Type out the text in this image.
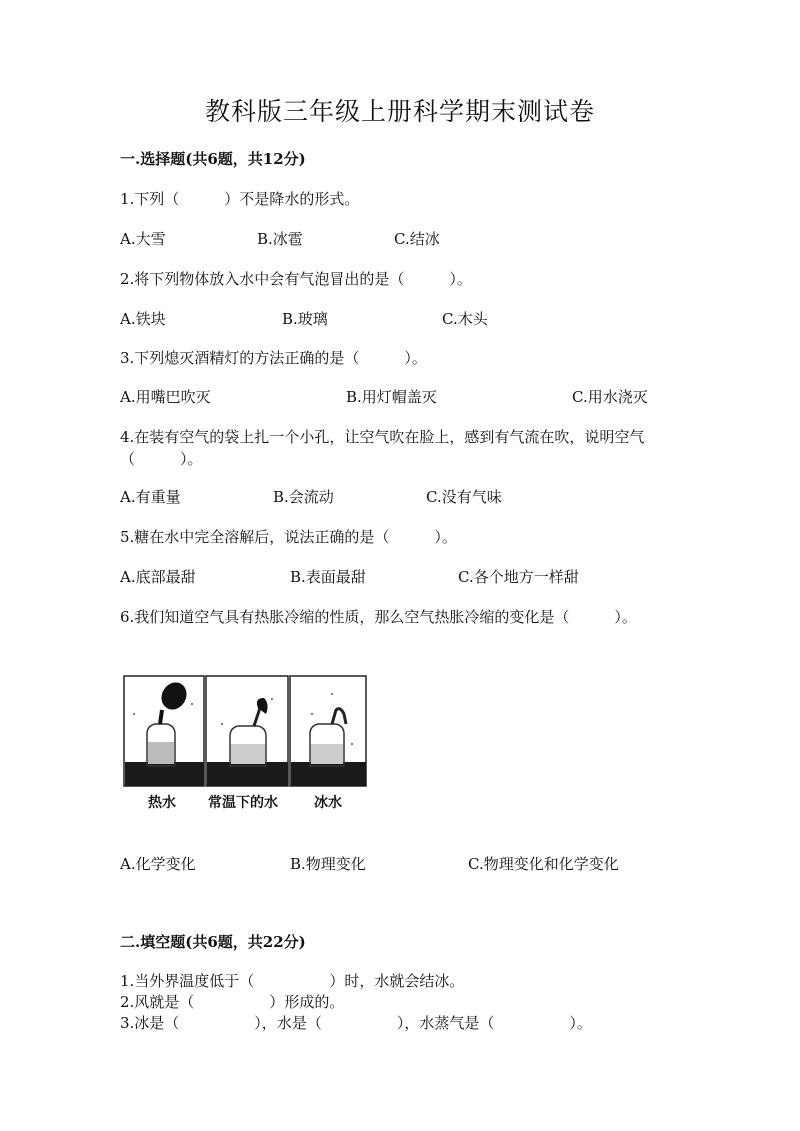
教科版三年级上册科学期末测试卷
一.选择题(共6题，共12分)
1.下列（　　　）不是降水的形式。
A.大雪	B.冰雹	C.结冰
2.将下列物体放入水中会有气泡冒出的是（　　　）。
A.铁块	B.玻璃	C.木头
3.下列熄灭酒精灯的方法正确的是（　　　）。
A.用嘴巴吹灭	B.用灯帽盖灭	C.用水浇灭
4.在装有空气的袋上扎一个小孔，让空气吹在脸上，感到有气流在吹，说明空气（　　　）。
A.有重量	B.会流动	C.没有气味
5.糖在水中完全溶解后，说法正确的是（　　　）。
A.底部最甜	B.表面最甜	C.各个地方一样甜
6.我们知道空气具有热胀冷缩的性质，那么空气热胀冷缩的变化是（　　　）。
热水 常温下的水	冰水
A.化学变化	B.物理变化	C.物理变化和化学变化
二.填空题(共6题，共22分)
1.当外界温度低于（　　　　　）时，水就会结冰。
2.风就是（　　　　　）形成的。
3.冰是（　　　　　），水是（　　　　　），水蒸气是（　　　　　）。
